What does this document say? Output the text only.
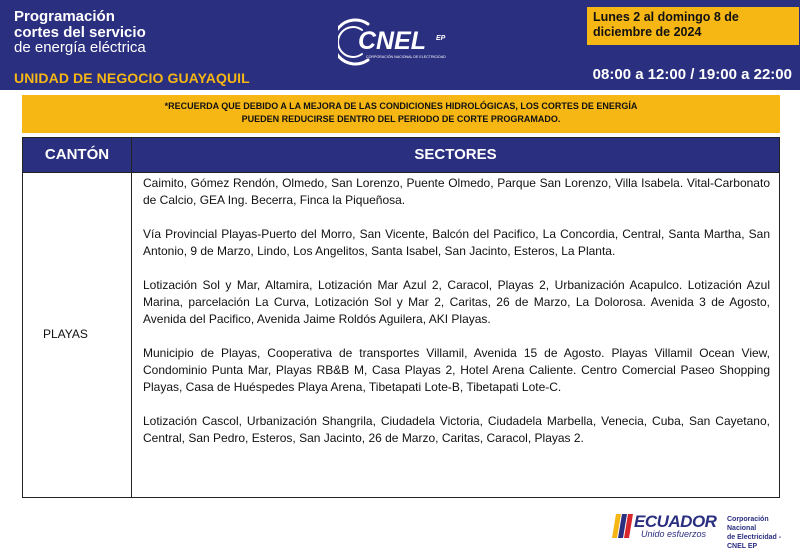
Programación
cortes del servicio
de energía eléctrica
UNIDAD DE NEGOCIO GUAYAQUIL
CNEL EP
CORPORACIÓN NACIONAL DE ELECTRICIDAD
Lunes 2 al domingo 8 de diciembre de 2024
08:00 a 12:00 / 19:00 a 22:00
*RECUERDA QUE DEBIDO A LA MEJORA DE LAS CONDICIONES HIDROLÓGICAS, LOS CORTES DE ENERGÍA
PUEDEN REDUCIRSE DENTRO DEL PERIODO DE CORTE PROGRAMADO.
CANTÓN	SECTORES
PLAYAS

Caimito, Gómez Rendón, Olmedo, San Lorenzo, Puente Olmedo, Parque San Lorenzo, Villa Isabela. Vital-Carbonato de Calcio, GEA Ing. Becerra, Finca la Piqueñosa.

Vía Provincial Playas-Puerto del Morro, San Vicente, Balcón del Pacifico, La Concordia, Central, Santa Martha, San Antonio, 9 de Marzo, Lindo, Los Angelitos, Santa Isabel, San Jacinto, Esteros, La Planta.

Lotización Sol y Mar, Altamira, Lotización Mar Azul 2, Caracol, Playas 2, Urbanización Acapulco. Lotización Azul Marina, parcelación La Curva, Lotización Sol y Mar 2, Caritas, 26 de Marzo, La Dolorosa. Avenida 3 de Agosto, Avenida del Pacifico, Avenida Jaime Roldós Aguilera, AKI Playas.

Municipio de Playas, Cooperativa de transportes Villamil, Avenida 15 de Agosto. Playas Villamil Ocean View, Condominio Punta Mar, Playas RB&B M, Casa Playas 2, Hotel Arena Caliente. Centro Comercial Paseo Shopping Playas, Casa de Huéspedes Playa Arena, Tibetapati Lote-B, Tibetapati Lote-C.

Lotización Cascol, Urbanización Shangrila, Ciudadela Victoria, Ciudadela Marbella, Venecia, Cuba, San Cayetano, Central, San Pedro, Esteros, San Jacinto, 26 de Marzo, Caritas, Caracol, Playas 2.

ECUADOR
Unido esfuerzos
Corporación Nacional
de Electricidad - CNEL EP
